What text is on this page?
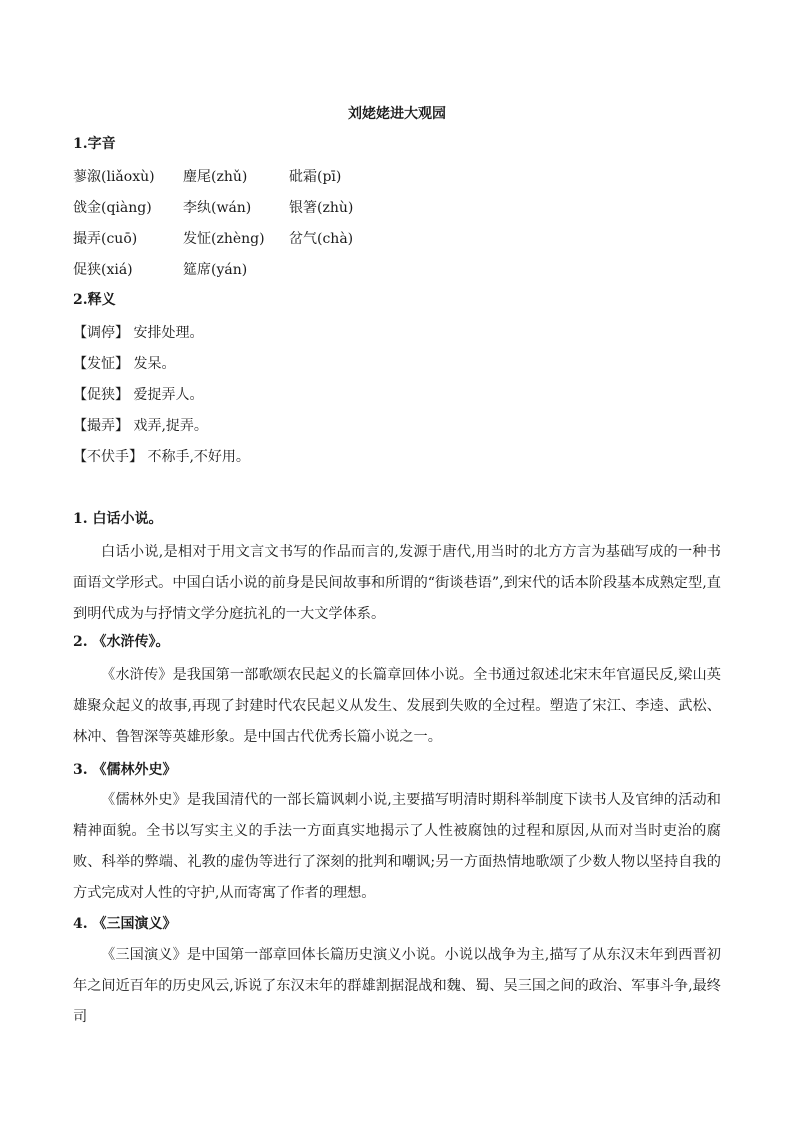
刘姥姥进大观园
1.字音
蓼溆(liǎoxù) 麈尾(zhǔ)	砒霜(pī)
戗金(qiàng) 李纨(wán)	银箸(zhù)
撮弄(cuō)	发怔(zhèng) 岔气(chà)
促狭(xiá)	筵席(yán)
2.释义
【调停】 安排处理。
【发怔】 发呆。
【促狭】 爱捉弄人。
【撮弄】 戏弄,捉弄。
【不伏手】 不称手,不好用。
1. 白话小说。

白话小说,是相对于用文言文书写的作品而言的,发源于唐代,用当时的北方方言为基础写成的一种书面语文学形式。中国白话小说的前身是民间故事和所谓的“街谈巷语”,到宋代的话本阶段基本成熟定型,直到明代成为与抒情文学分庭抗礼的一大文学体系。

2. 《水浒传》。

《水浒传》是我国第一部歌颂农民起义的长篇章回体小说。全书通过叙述北宋末年官逼民反,梁山英雄聚众起义的故事,再现了封建时代农民起义从发生、发展到失败的全过程。塑造了宋江、李逵、武松、林冲、鲁智深等英雄形象。是中国古代优秀长篇小说之一。

3. 《儒林外史》

《儒林外史》是我国清代的一部长篇讽刺小说,主要描写明清时期科举制度下读书人及官绅的活动和精神面貌。全书以写实主义的手法一方面真实地揭示了人性被腐蚀的过程和原因,从而对当时吏治的腐败、科举的弊端、礼教的虚伪等进行了深刻的批判和嘲讽;另一方面热情地歌颂了少数人物以坚持自我的方式完成对人性的守护,从而寄寓了作者的理想。

4. 《三国演义》

《三国演义》是中国第一部章回体长篇历史演义小说。小说以战争为主,描写了从东汉末年到西晋初年之间近百年的历史风云,诉说了东汉末年的群雄割据混战和魏、蜀、吴三国之间的政治、军事斗争,最终司
